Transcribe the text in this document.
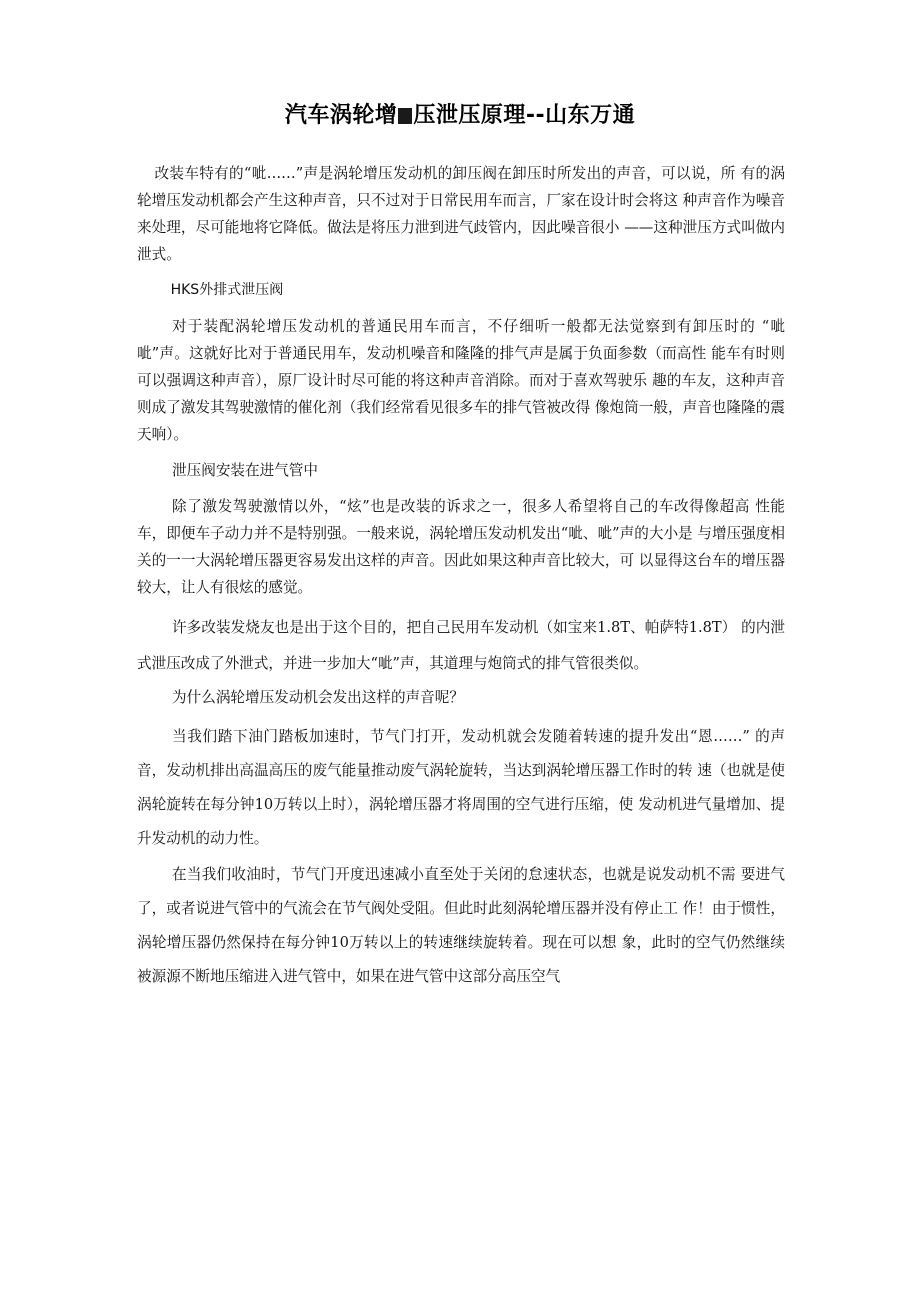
汽车涡轮增 压泄压原理--山东万通

改装车特有的“呲……”声是涡轮增压发动机的卸压阀在卸压时所发出的声音，可以说，所 有的涡轮增压发动机都会产生这种声音，只不过对于日常民用车而言，厂家在设计时会将这 种声音作为噪音来处理，尽可能地将它降低。做法是将压力泄到进气歧管内，因此噪音很小 ——这种泄压方式叫做内泄式。

HKS外排式泄压阀

对于装配涡轮增压发动机的普通民用车而言，不仔细听一般都无法觉察到有卸压时的 “呲呲”声。这就好比对于普通民用车，发动机噪音和隆隆的排气声是属于负面参数（而高性 能车有时则可以强调这种声音），原厂设计时尽可能的将这种声音消除。而对于喜欢驾驶乐 趣的车友，这种声音则成了激发其驾驶激情的催化剂（我们经常看见很多车的排气管被改得 像炮筒一般，声音也隆隆的震天响）。

泄压阀安装在进气管中

除了激发驾驶激情以外，“炫”也是改装的诉求之一，很多人希望将自己的车改得像超高 性能车，即便车子动力并不是特别强。一般来说，涡轮增压发动机发出“呲、呲”声的大小是 与增压强度相关的一一大涡轮增压器更容易发出这样的声音。因此如果这种声音比较大，可 以显得这台车的增压器较大，让人有很炫的感觉。

许多改装发烧友也是出于这个目的，把自己民用车发动机（如宝来1.8T、帕萨特1.8T） 的内泄式泄压改成了外泄式，并进一步加大“呲”声，其道理与炮筒式的排气管很类似。

为什么涡轮增压发动机会发出这样的声音呢？

当我们踏下油门踏板加速时，节气门打开，发动机就会发随着转速的提升发出“恩……” 的声音，发动机排出高温高压的废气能量推动废气涡轮旋转，当达到涡轮增压器工作时的转 速（也就是使涡轮旋转在每分钟10万转以上时），涡轮增压器才将周围的空气进行压缩，使 发动机进气量增加、提升发动机的动力性。

在当我们收油时，节气门开度迅速减小直至处于关闭的怠速状态，也就是说发动机不需 要进气了，或者说进气管中的气流会在节气阀处受阻。但此时此刻涡轮增压器并没有停止工 作！由于惯性，涡轮增压器仍然保持在每分钟10万转以上的转速继续旋转着。现在可以想 象，此时的空气仍然继续被源源不断地压缩进入进气管中，如果在进气管中这部分高压空气
